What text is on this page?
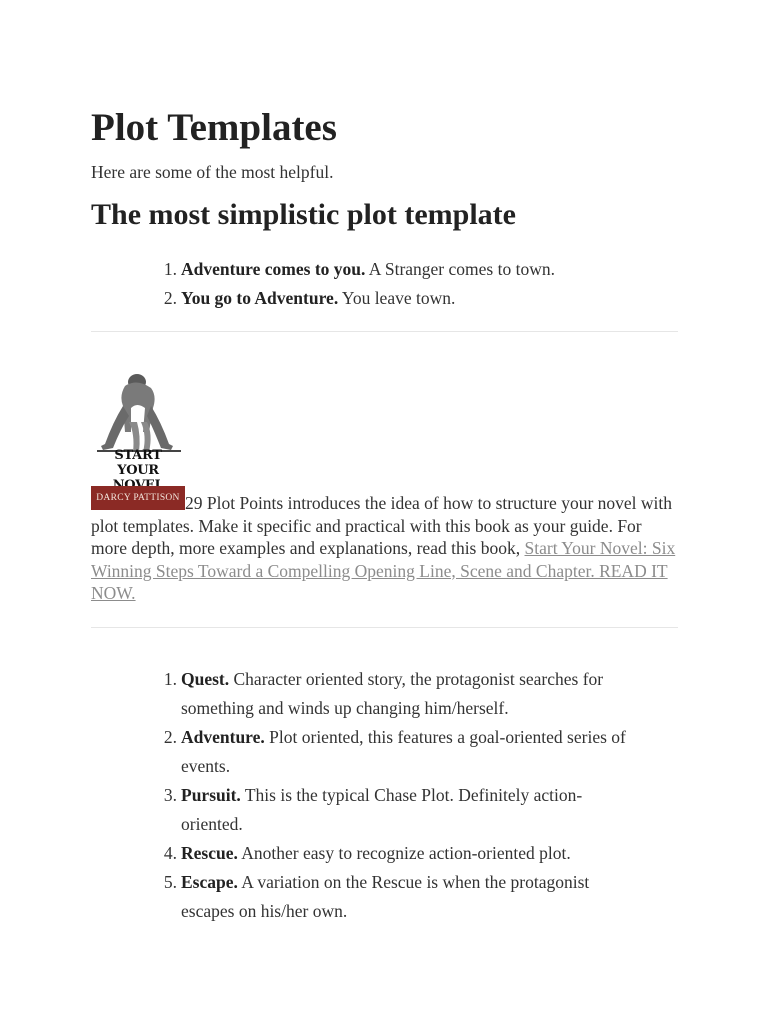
Plot Templates

Here are some of the most helpful.

The most simplistic plot template
1. Adventure comes to you. A Stranger comes to town.
2. You go to Adventure. You leave town.
START
YOUR
DARCY PATTISON 29 Plot Points introduces the idea of how to structure your novel with plot templates. Make it specific and practical with this book as your guide. For more depth, more examples and explanations, read this book, Start Your Novel: Six Winning Steps Toward a Compelling Opening Line, Scene and Chapter. READ IT NOW.

1. Quest. Character oriented story, the protagonist searches for something and winds up changing him/herself.
2. Adventure. Plot oriented, this features a goal-oriented series of events.
3. Pursuit. This is the typical Chase Plot. Definitely action-oriented.
4. Rescue. Another easy to recognize action-oriented plot.
5. Escape. A variation on the Rescue is when the protagonist escapes on his/her own.
